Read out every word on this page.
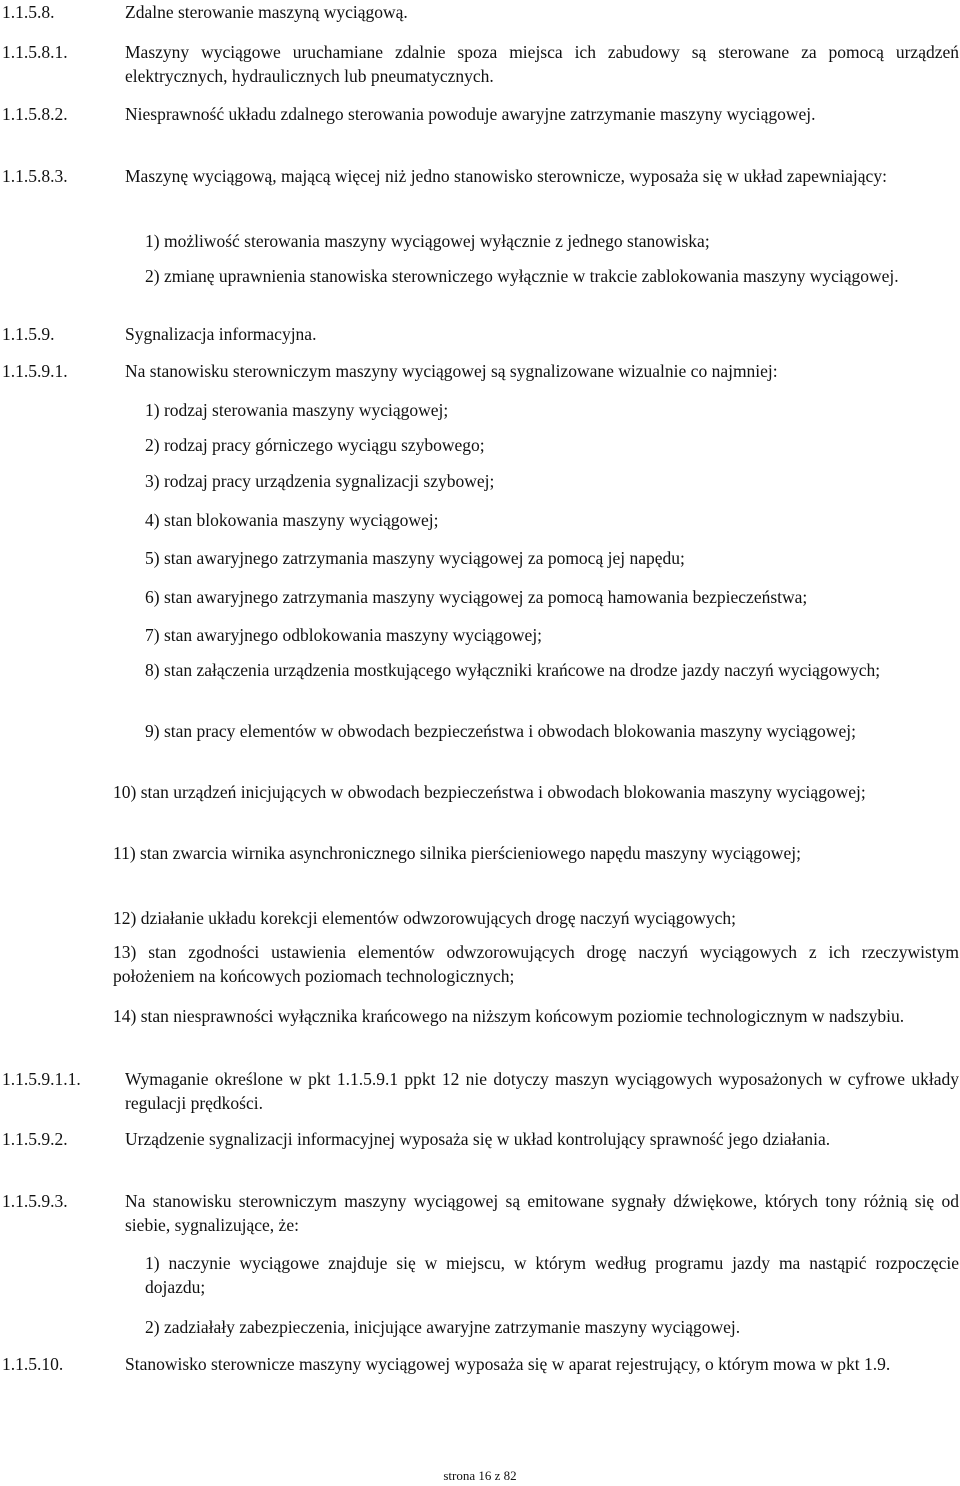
1.1.5.8.	Zdalne sterowanie maszyną wyciągową.
1.1.5.8.1.	Maszyny wyciągowe uruchamiane zdalnie spoza miejsca ich zabudowy są sterowane za pomocą urządzeń elektrycznych, hydraulicznych lub pneumatycznych.
1.1.5.8.2.	Niesprawność układu zdalnego sterowania powoduje awaryjne zatrzymanie maszyny wyciągowej.
1.1.5.8.3.	Maszynę wyciągową, mającą więcej niż jedno stanowisko sterownicze, wyposaża się w układ zapewniający:
1) możliwość sterowania maszyny wyciągowej wyłącznie z jednego stanowiska;
2) zmianę uprawnienia stanowiska sterowniczego wyłącznie w trakcie zablokowania maszyny wyciągowej.
1.1.5.9.	Sygnalizacja informacyjna.
1.1.5.9.1.	Na stanowisku sterowniczym maszyny wyciągowej są sygnalizowane wizualnie co najmniej:
1) rodzaj sterowania maszyny wyciągowej;
2) rodzaj pracy górniczego wyciągu szybowego;
3) rodzaj pracy urządzenia sygnalizacji szybowej;
4) stan blokowania maszyny wyciągowej;
5) stan awaryjnego zatrzymania maszyny wyciągowej za pomocą jej napędu;
6) stan awaryjnego zatrzymania maszyny wyciągowej za pomocą hamowania bezpieczeństwa;
7) stan awaryjnego odblokowania maszyny wyciągowej;
8) stan załączenia urządzenia mostkującego wyłączniki krańcowe na drodze jazdy naczyń wyciągowych;
9) stan pracy elementów w obwodach bezpieczeństwa i obwodach blokowania maszyny wyciągowej;
10) stan urządzeń inicjujących w obwodach bezpieczeństwa i obwodach blokowania maszyny wyciągowej;
11) stan zwarcia wirnika asynchronicznego silnika pierścieniowego napędu maszyny wyciągowej;
12) działanie układu korekcji elementów odwzorowujących drogę naczyń wyciągowych;
13) stan zgodności ustawienia elementów odwzorowujących drogę naczyń wyciągowych z ich rzeczywistym położeniem na końcowych poziomach technologicznych;
14) stan niesprawności wyłącznika krańcowego na niższym końcowym poziomie technologicznym w nadszybiu.
1.1.5.9.1.1.	Wymaganie określone w pkt 1.1.5.9.1 ppkt 12 nie dotyczy maszyn wyciągowych wyposażonych w cyfrowe układy regulacji prędkości.
1.1.5.9.2.	Urządzenie sygnalizacji informacyjnej wyposaża się w układ kontrolujący sprawność jego działania.
1.1.5.9.3.	Na stanowisku sterowniczym maszyny wyciągowej są emitowane sygnały dźwiękowe, których tony różnią się od siebie, sygnalizujące, że:
1) naczynie wyciągowe znajduje się w miejscu, w którym według programu jazdy ma nastąpić rozpoczęcie dojazdu;
2) zadziałały zabezpieczenia, inicjujące awaryjne zatrzymanie maszyny wyciągowej.
1.1.5.10.	Stanowisko sterownicze maszyny wyciągowej wyposaża się w aparat rejestrujący, o którym mowa w pkt 1.9.
strona 16 z 82
